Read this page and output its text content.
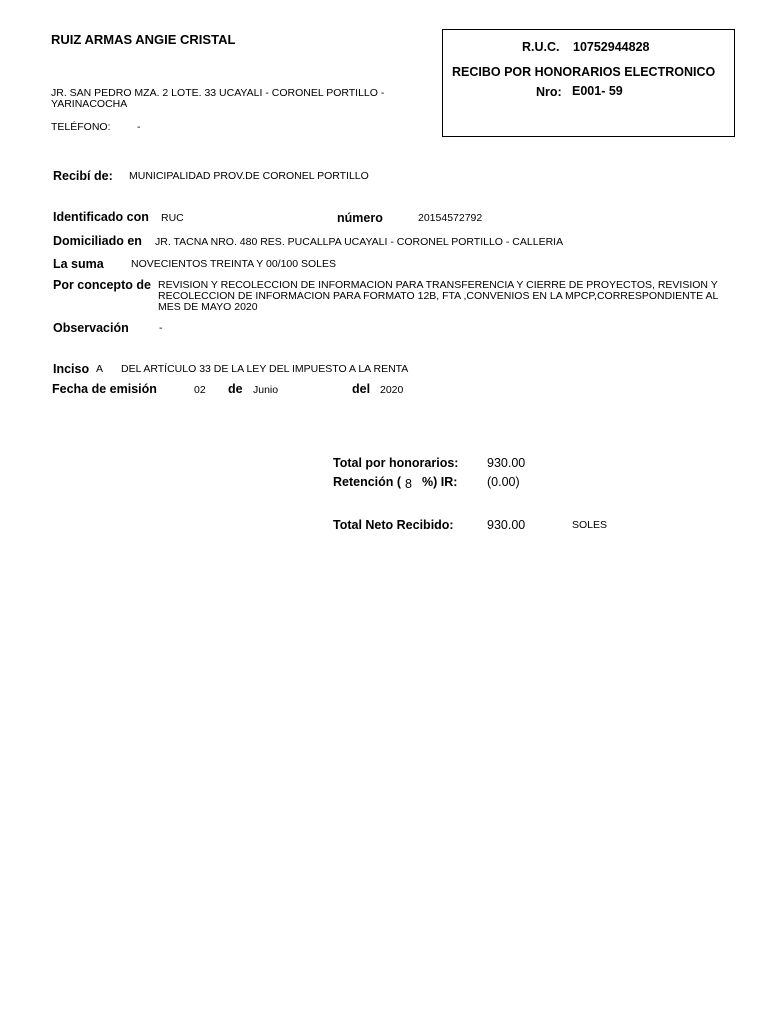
RUIZ ARMAS ANGIE CRISTAL
JR. SAN PEDRO MZA. 2 LOTE. 33 UCAYALI - CORONEL PORTILLO - YARINACOCHA
TELÉFONO:	-
R.U.C. 10752944828
RECIBO POR HONORARIOS ELECTRONICO
Nro: E001- 59
Recibí de: MUNICIPALIDAD PROV.DE CORONEL PORTILLO
Identificado con RUC	número	20154572792
Domiciliado en JR. TACNA NRO. 480 RES. PUCALLPA UCAYALI - CORONEL PORTILLO - CALLERIA
La suma	NOVECIENTOS TREINTA Y 00/100 SOLES
Por concepto de REVISION Y RECOLECCION DE INFORMACION PARA TRANSFERENCIA Y CIERRE DE PROYECTOS, REVISION Y RECOLECCION DE INFORMACION PARA FORMATO 12B, FTA ,CONVENIOS EN LA MPCP,CORRESPONDIENTE AL MES DE MAYO 2020
Observación	-
Inciso A DEL ARTÍCULO 33 DE LA LEY DEL IMPUESTO A LA RENTA
Fecha de emisión	02 de Junio	del 2020
Total por honorarios: 930.00
Retención ( 8 %) IR: (0.00)
Total Neto Recibido:	930.00	SOLES
